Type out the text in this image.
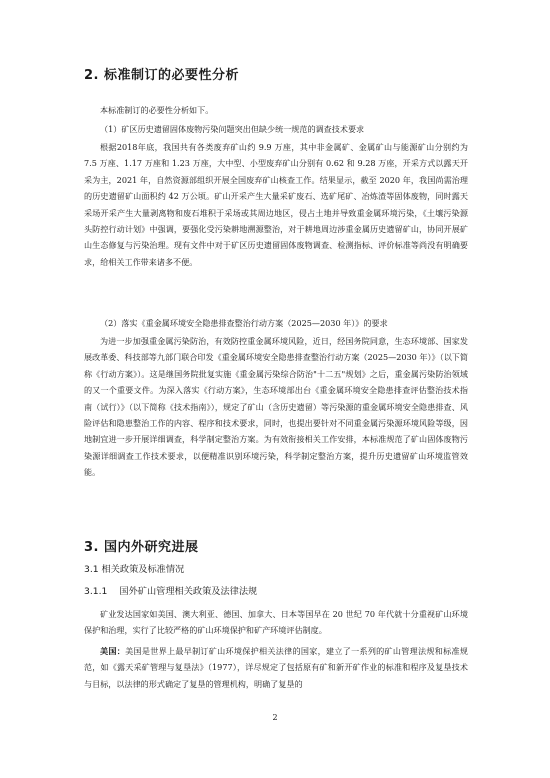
2. 标准制订的必要性分析

本标准制订的必要性分析如下。

（1）矿区历史遗留固体废物污染问题突出但缺少统一规范的调查技术要求

根据2018年底，我国共有各类废弃矿山约 9.9 万座，其中非金属矿、金属矿山与能源矿山分别约为 7.5 万座、1.17 万座和 1.23 万座，大中型、小型废弃矿山分别有 0.62 和 9.28 万座，开采方式以露天开采为主，2021 年，自然资源部组织开展全国废弃矿山核查工作。结果显示，截至 2020 年，我国尚需治理的历史遗留矿山面积约 42 万公顷。矿山开采产生大量采矿废石、选矿尾矿、冶炼渣等固体废物，同时露天采场开采产生大量剥离物和废石堆积于采场或其周边地区，侵占土地并导致重金属环境污染，《土壤污染源头防控行动计划》中强调，要强化受污染耕地溯源整治，对于耕地周边涉重金属历史遗留矿山，协同开展矿山生态修复与污染治理。现有文件中对于矿区历史遗留固体废物调查、检测指标、评价标准等尚没有明确要求，给相关工作带来诸多不便。

（2）落实《重金属环境安全隐患排查整治行动方案（2025—2030 年）》的要求

为进一步加强重金属污染防治，有效防控重金属环境风险，近日，经国务院同意，生态环境部、国家发展改革委、科技部等九部门联合印发《重金属环境安全隐患排查整治行动方案（2025—2030 年）》（以下简称《行动方案》）。这是继国务院批复实施《重金属污染综合防治"十二五"规划》之后，重金属污染防治领域的又一个重要文件。为深入落实《行动方案》，生态环境部出台《重金属环境安全隐患排查评估整治技术指南（试行）》（以下简称《技术指南》），规定了矿山（含历史遗留）等污染源的重金属环境安全隐患排查、风险评估和隐患整治工作的内容、程序和技术要求，同时，也提出要针对不同重金属污染源环境风险等级，因地制宜进一步开展详细调查，科学制定整治方案。为有效衔接相关工作安排，本标准规范了矿山固体废物污染源详细调查工作技术要求，以便精准识别环境污染，科学制定整治方案，提升历史遗留矿山环境监管效能。

3. 国内外研究进展
3.1 相关政策及标准情况
3.1.1 国外矿山管理相关政策及法律法规

矿业发达国家如美国、澳大利亚、德国、加拿大、日本等国早在 20 世纪 70 年代就十分重视矿山环境保护和治理，实行了比较严格的矿山环境保护和矿产环境评估制度。

美国：美国是世界上最早制订矿山环境保护相关法律的国家，建立了一系列的矿山管理法规和标准规范，如《露天采矿管理与复垦法》（1977），详尽规定了包括原有矿和新开矿作业的标准和程序及复垦技术与目标，以法律的形式确定了复垦的管理机构，明确了复垦的

2
